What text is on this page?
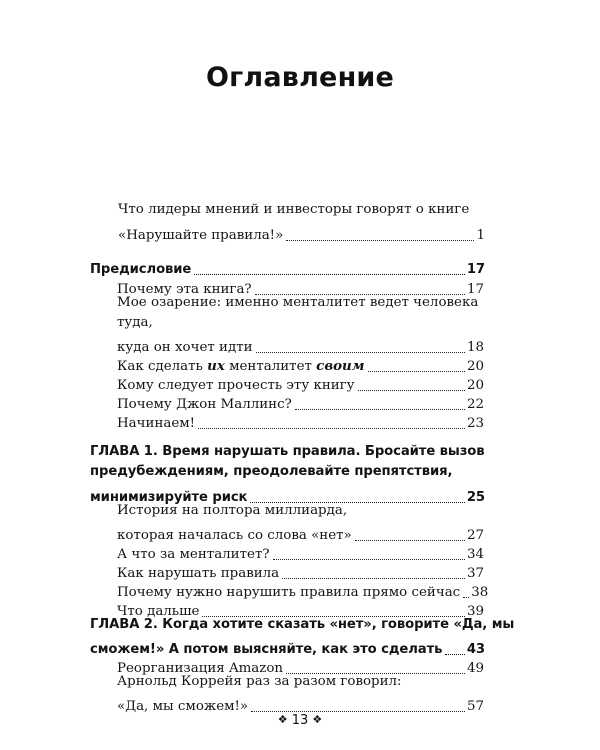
Оглавление
Что лидеры мнений и инвесторы говорят о книге
«Нарушайте правила!»	1
Предисловие	17
Почему эта книга?	17
Мое озарение: именно менталитет ведет человека
туда,
куда он хочет идти	18
Как сделать их менталитет своим	20
Кому следует прочесть эту книгу	20
Почему Джон Маллинс?	22
Начинаем!	23
ГЛАВА 1. Время нарушать правила. Бросайте вызов
предубеждениям, преодолевайте препятствия,
минимизируйте риск	25
История на полтора миллиарда,
которая началась со слова «нет»	27
А что за менталитет?	34
Как нарушать правила	37
Почему нужно нарушить правила прямо сейчас 38
Что дальше	39
ГЛАВА 2. Когда хотите сказать «нет», говорите «Да, мы
сможем!» А потом выясняйте, как это сделать 43
Реорганизация Amazon	49
Арнольд Коррейя раз за разом говорил:
«Да, мы сможем!»	57
❖ 13 ❖
